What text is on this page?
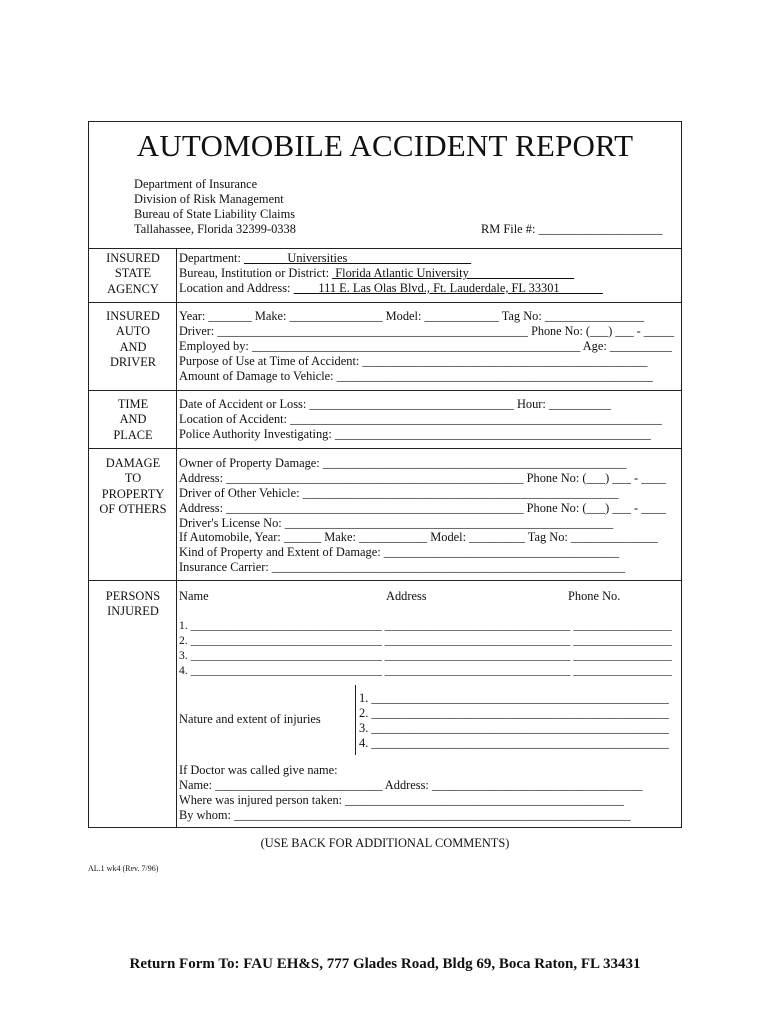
AUTOMOBILE ACCIDENT REPORT
Department of Insurance
Division of Risk Management
Bureau of State Liability Claims
Tallahassee, Florida 32399-0338	RM File #: ____________________
INSURED
STATE
AGENCY
Department:               Universities
Bureau, Institution or District:  Florida Atlantic University
Location and Address:         111 E. Las Olas Blvd., Ft. Lauderdale, FL 33301
INSURED
AUTO
AND
DRIVER
Year: _______ Make: _______________ Model: ____________ Tag No: ________________
Driver: ___________________________________________________ Phone No: (___) ___ - _____
Employed by: _____________________________________________________ Age: __________
Purpose of Use at Time of Accident: ______________________________________________
Amount of Damage to Vehicle: ___________________________________________________
TIME
AND
PLACE
Date of Accident or Loss: _________________________________ Hour: __________
Location of Accident: ____________________________________________________________
Police Authority Investigating: ___________________________________________________
DAMAGE
TO
PROPERTY
OF OTHERS
Owner of Property Damage: _________________________________________________
Address: ________________________________________________ Phone No: (___) ___ - ____
Driver of Other Vehicle: ___________________________________________________
Address: ________________________________________________ Phone No: (___) ___ - ____
Driver's License No: _____________________________________________________
If Automobile, Year: ______ Make: ___________ Model: _________ Tag No: ______________
Kind of Property and Extent of Damage: ______________________________________
Insurance Carrier: _________________________________________________________
PERSONS
INJURED
Name	Address	Phone No.
1. _________________________________ ________________________________ _________________
2. _________________________________ ________________________________ _________________
3. _________________________________ ________________________________ _________________
4. _________________________________ ________________________________ _________________
Nature and extent of injuries
1. ________________________________________________
2. ________________________________________________
3. ________________________________________________
4. ________________________________________________
If Doctor was called give name:
Name: ___________________________ Address: __________________________________
Where was injured person taken: _____________________________________________
By whom: ________________________________________________________________
(USE BACK FOR ADDITIONAL COMMENTS)
AL.1 wk4 (Rev. 7/96)
Return Form To: FAU EH&S, 777 Glades Road, Bldg 69, Boca Raton, FL 33431
